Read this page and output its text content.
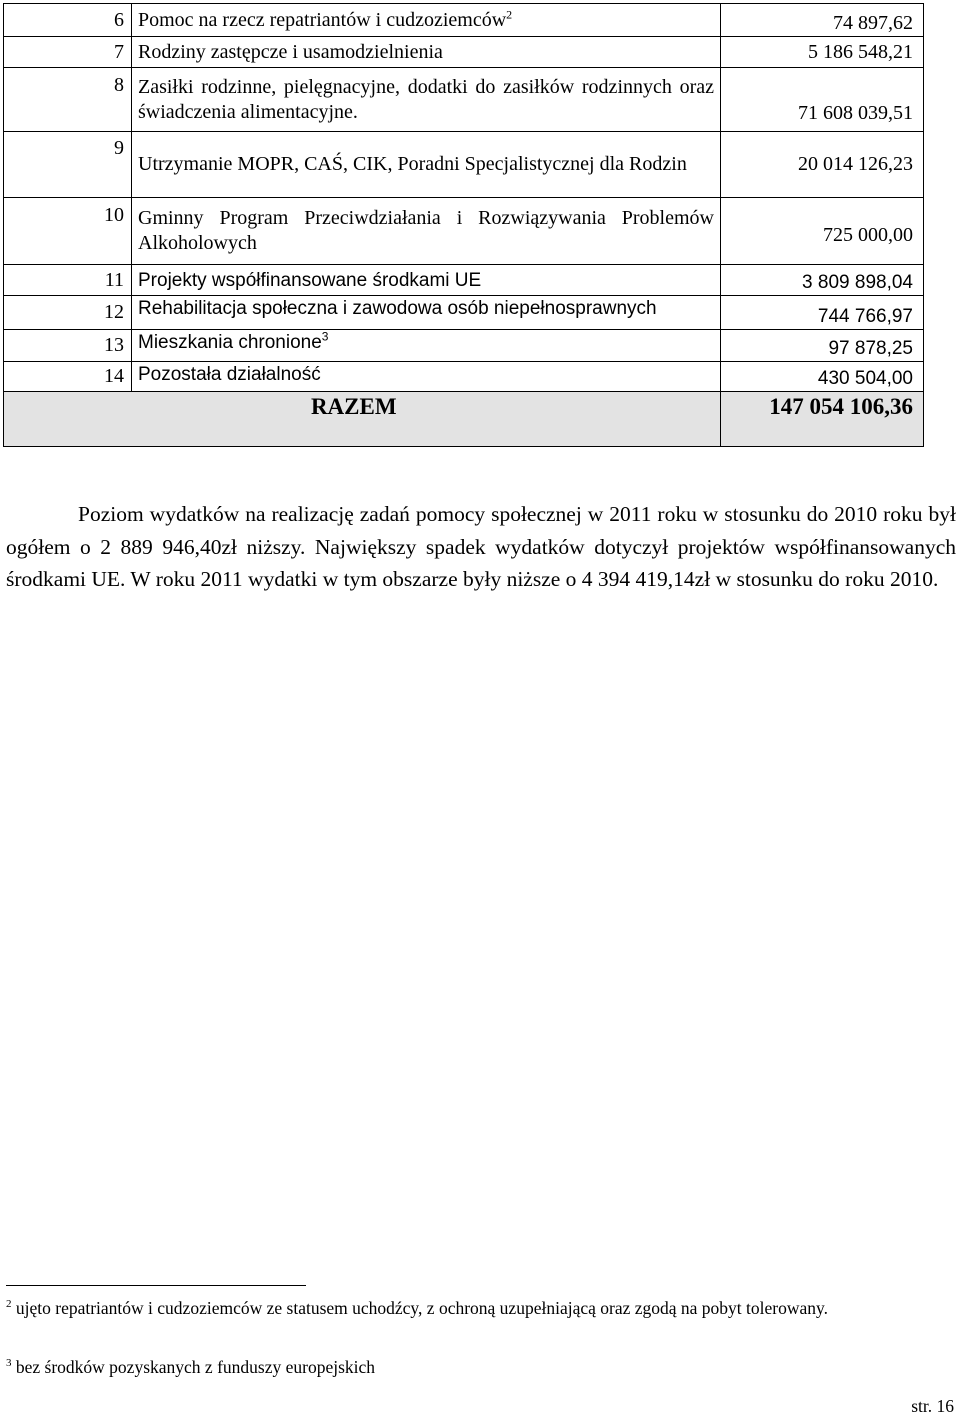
6	Pomoc na rzecz repatriantów i cudzoziemców$^2$	74 897,62
7	Rodziny zastępcze i usamodzielnienia	5 186 548,21
8	Zasiłki rodzinne, pielęgnacyjne, dodatki do zasiłków rodzinnych oraz świadczenia alimentacyjne.	71 608 039,51
9	Utrzymanie MOPR, CAŚ, CIK, Poradni Specjalistycznej dla Rodzin	20 014 126,23
10	Gminny Program Przeciwdziałania i Rozwiązywania Problemów Alkoholowych	725 000,00
11	Projekty współfinansowane środkami UE	3 809 898,04
12	Rehabilitacja społeczna i zawodowa osób niepełnosprawnych	744 766,97
13	Mieszkania chronione$^3$	97 878,25
14	Pozostała działalność	430 504,00
	RAZEM	147 054 106,36

Poziom wydatków na realizację zadań pomocy społecznej w 2011 roku w stosunku do 2010 roku był ogółem o 2 889 946,40zł niższy. Największy spadek wydatków dotyczył projektów współfinansowanych środkami UE. W roku 2011 wydatki w tym obszarze były niższe o 4 394 419,14zł w stosunku do roku 2010.

$^2$ ujęto repatriantów i cudzoziemców ze statusem uchodźcy, z ochroną uzupełniającą oraz zgodą na pobyt tolerowany.
$^3$ bez środków pozyskanych z funduszy europejskich
str. 16
